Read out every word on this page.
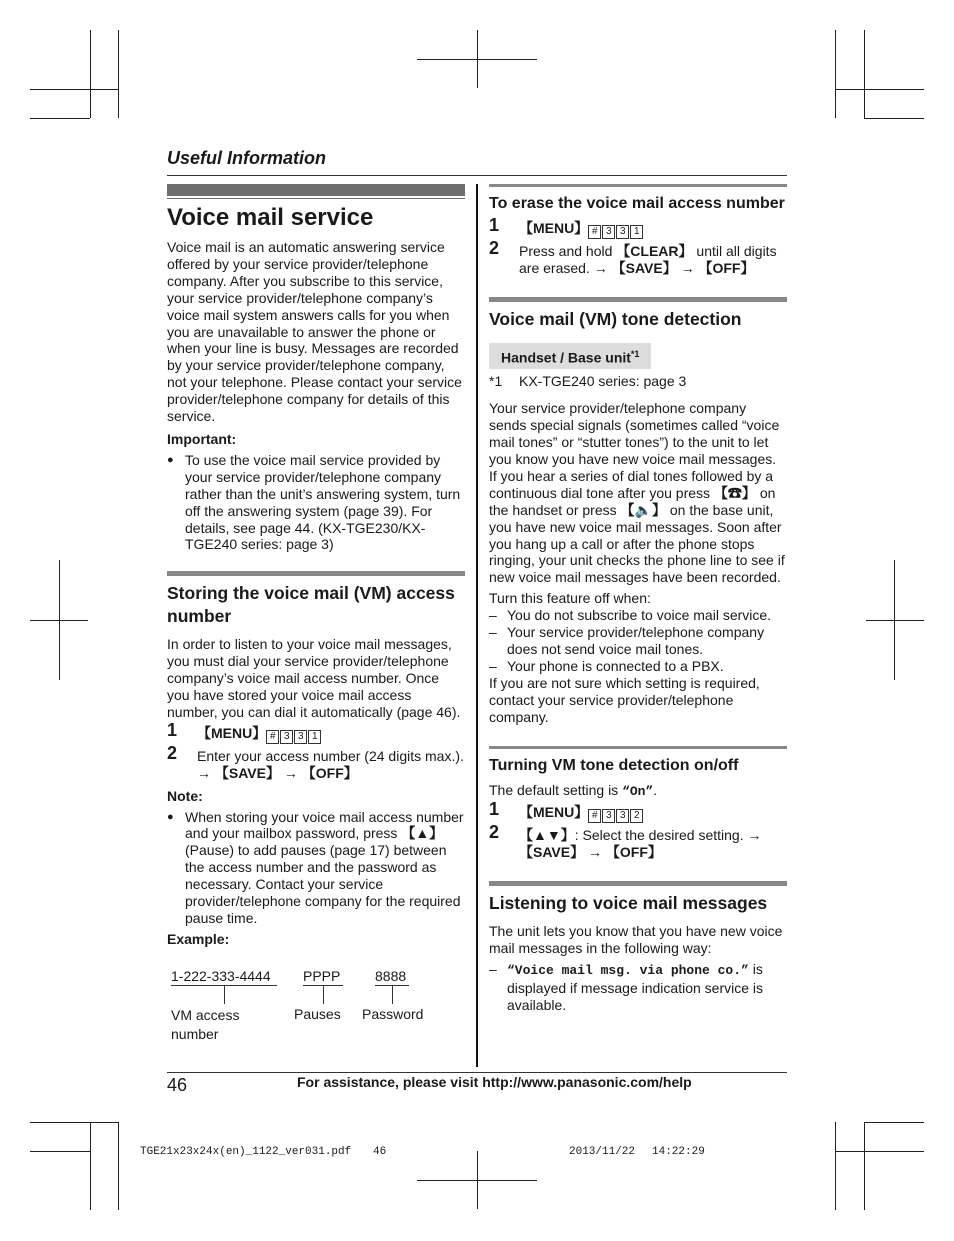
Useful Information
Voice mail service

Voice mail is an automatic answering service offered by your service provider/telephone company. After you subscribe to this service, your service provider/telephone company’s voice mail system answers calls for you when you are unavailable to answer the phone or when your line is busy. Messages are recorded by your service provider/telephone company, not your telephone. Please contact your service provider/telephone company for details of this service.

Important:

● To use the voice mail service provided by your service provider/telephone company rather than the unit’s answering system, turn off the answering system (page 39). For details, see page 44. (KX-TGE230/KX-TGE240 series: page 3)
Storing the voice mail (VM) access number

In order to listen to your voice mail messages, you must dial your service provider/telephone company’s voice mail access number. Once you have stored your voice mail access number, you can dial it automatically (page 46).

1 【MENU】 # 3 3 1
2 Enter your access number (24 digits max.). → 【SAVE】 → 【OFF】

Note:

● When storing your voice mail access number and your mailbox password, press 【▲】 (Pause) to add pauses (page 17) between the access number and the password as necessary. Contact your service provider/telephone company for the required pause time.

Example:

1-222-333-4444 PPPP 8888
VM access number
Pauses Password
To erase the voice mail access number
1 【MENU】 # 3 3 1
2 Press and hold 【CLEAR】 until all digits are erased. → 【SAVE】 → 【OFF】
Voice mail (VM) tone detection
Handset / Base unit$^{*1}$
*1 KX-TGE240 series: page 3

Your service provider/telephone company sends special signals (sometimes called “voice mail tones” or “stutter tones”) to the unit to let you know you have new voice mail messages. If you hear a series of dial tones followed by a continuous dial tone after you press 【☎】 on the handset or press 【🔈】 on the base unit, you have new voice mail messages. Soon after you hang up a call or after the phone stops ringing, your unit checks the phone line to see if new voice mail messages have been recorded.

Turn this feature off when:

– You do not subscribe to voice mail service.
– Your service provider/telephone company does not send voice mail tones.
– Your phone is connected to a PBX.

If you are not sure which setting is required, contact your service provider/telephone company.

Turning VM tone detection on/off

The default setting is “On”.

1 【MENU】 # 3 3 2
2 【▲▼】: Select the desired setting. → 【SAVE】 → 【OFF】
Listening to voice mail messages

The unit lets you know that you have new voice mail messages in the following way:

– “Voice mail msg. via phone co.” is displayed if message indication service is available.
46	For assistance, please visit http://www.panasonic.com/help
TGE21x23x24x(en)_1122_ver031.pdf 46	2013/11/22 14:22:29
